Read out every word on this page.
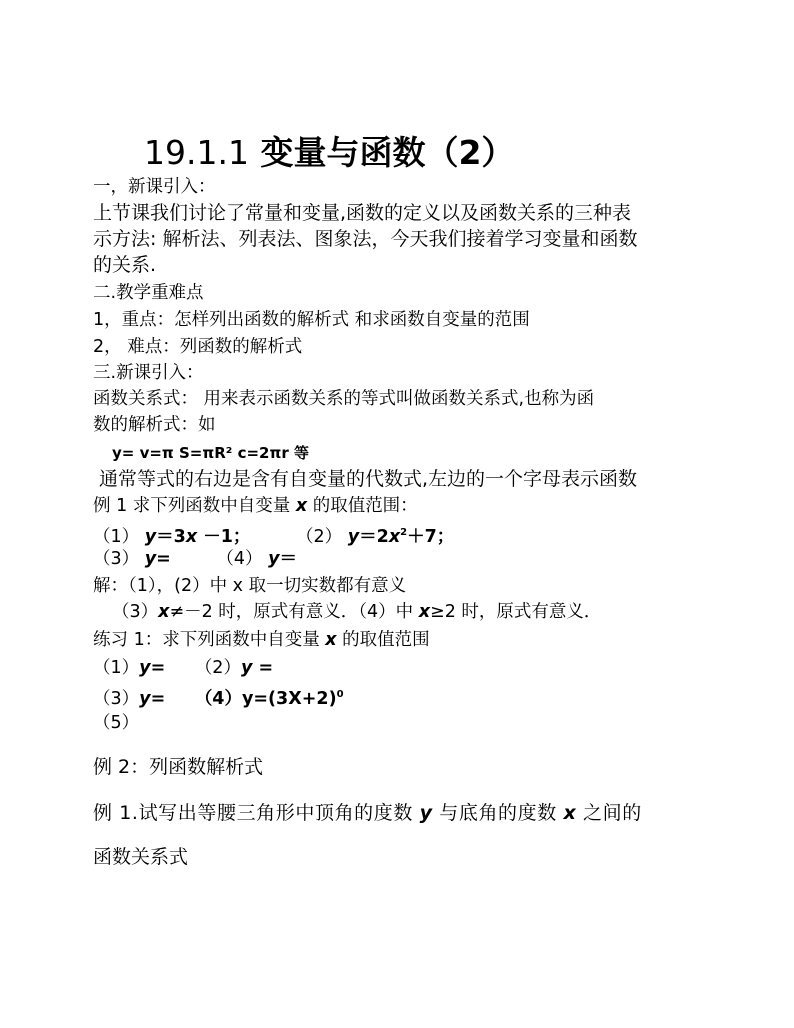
19.1.1 变量与函数（2）
一，新课引入：
上节课我们讨论了常量和变量,函数的定义以及函数关系的三种表
示方法: 解析法、列表法、图象法，今天我们接着学习变量和函数
的关系.
二.教学重难点
1，重点：怎样列出函数的解析式 和求函数自变量的范围
2， 难点：列函数的解析式
三.新课引入：
函数关系式： 用来表示函数关系的等式叫做函数关系式,也称为函
数的解析式：如
y= v=π S=πR² c=2πr 等
通常等式的右边是含有自变量的代数式,左边的一个字母表示函数
例 1 求下列函数中自变量 x 的取值范围：
（1） y＝3x －1；	（2） $y=2x^2+7$；
（3） y=	（4） y＝
解：（1），(2）中 x 取一切实数都有意义
（3）x≠－2 时，原式有意义．（4）中 x≥2 时，原式有意义．
练习 1：求下列函数中自变量 x 的取值范围
（1）y= （2）y =
$(3)y= (4)y=(3X+2)^0$
（5）
例 2：列函数解析式
例 1.试写出等腰三角形中顶角的度数 y 与底角的度数 x 之间的
函数关系式
